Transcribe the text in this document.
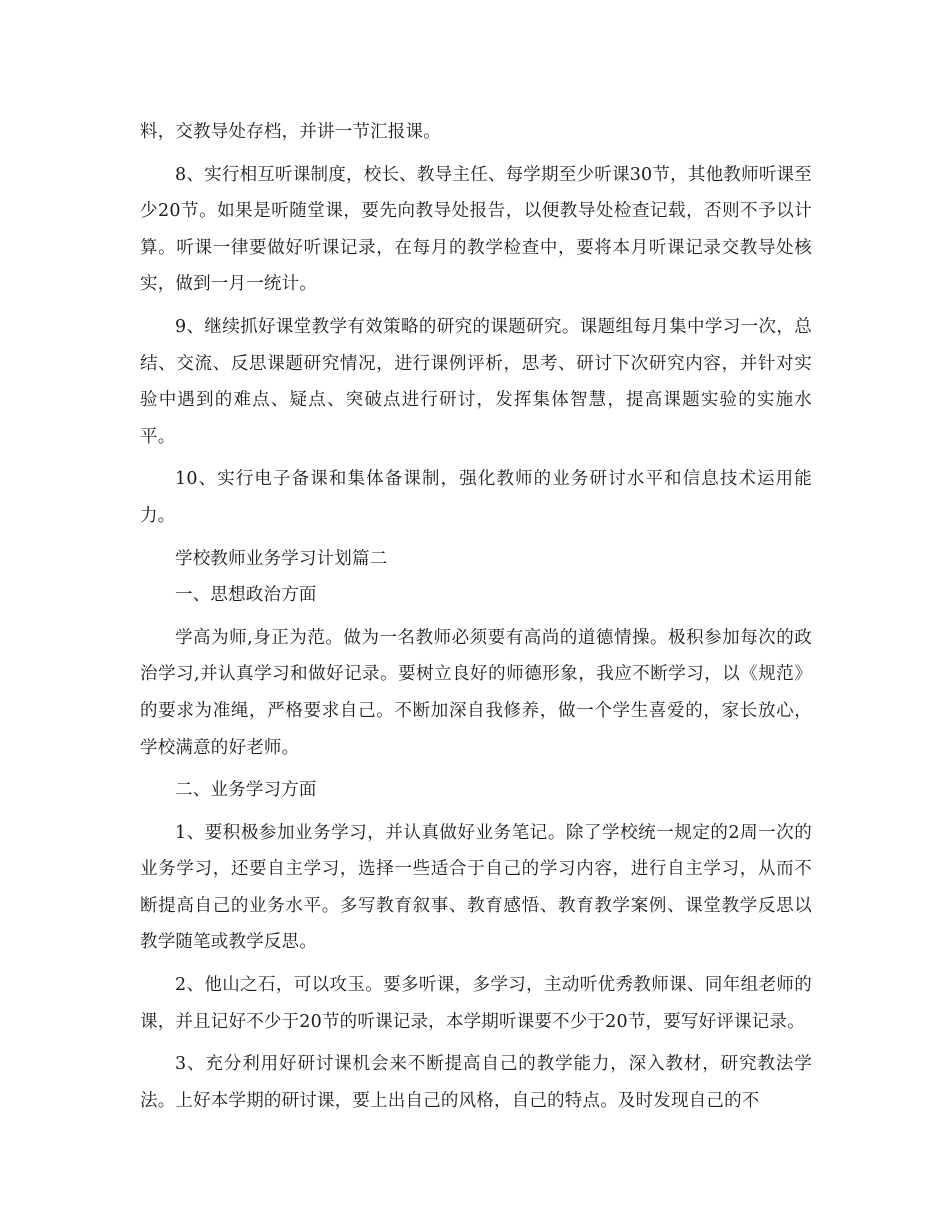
料，交教导处存档，并讲一节汇报课。

8、实行相互听课制度，校长、教导主任、每学期至少听课30节，其他教师听课至少20节。如果是听随堂课，要先向教导处报告，以便教导处检查记载，否则不予以计算。听课一律要做好听课记录，在每月的教学检查中，要将本月听课记录交教导处核实，做到一月一统计。

9、继续抓好课堂教学有效策略的研究的课题研究。课题组每月集中学习一次，总结、交流、反思课题研究情况，进行课例评析，思考、研讨下次研究内容，并针对实验中遇到的难点、疑点、突破点进行研讨，发挥集体智慧，提高课题实验的实施水平。

10、实行电子备课和集体备课制，强化教师的业务研讨水平和信息技术运用能力。

学校教师业务学习计划篇二

一、思想政治方面

学高为师,身正为范。做为一名教师必须要有高尚的道德情操。极积参加每次的政治学习,并认真学习和做好记录。要树立良好的师德形象，我应不断学习，以《规范》的要求为准绳，严格要求自己。不断加深自我修养，做一个学生喜爱的，家长放心，学校满意的好老师。

二、业务学习方面

1、要积极参加业务学习，并认真做好业务笔记。除了学校统一规定的2周一次的业务学习，还要自主学习，选择一些适合于自己的学习内容，进行自主学习，从而不断提高自己的业务水平。多写教育叙事、教育感悟、教育教学案例、课堂教学反思以教学随笔或教学反思。

2、他山之石，可以攻玉。要多听课，多学习，主动听优秀教师课、同年组老师的课，并且记好不少于20节的听课记录，本学期听课要不少于20节，要写好评课记录。

3、充分利用好研讨课机会来不断提高自己的教学能力，深入教材，研究教法学法。上好本学期的研讨课，要上出自己的风格，自己的特点。及时发现自己的不
